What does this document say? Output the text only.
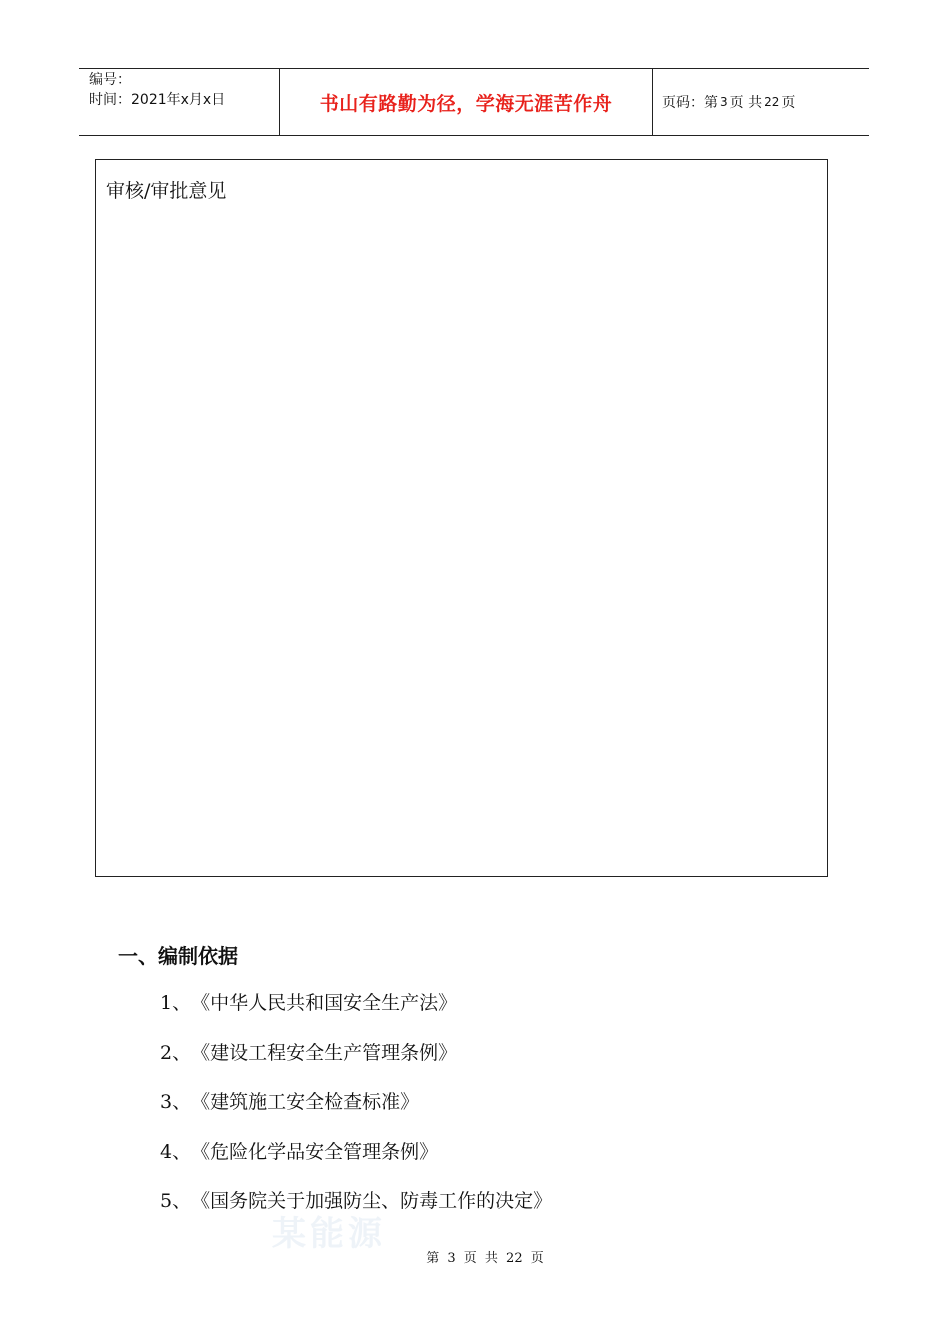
编号：
时间：2021年x月x日	书山有路勤为径，学海无涯苦作舟	页码：第 3 页 共 22 页
审核/审批意见
一、编制依据
1、《中华人民共和国安全生产法》
2、《建设工程安全生产管理条例》
3、《建筑施工安全检查标准》
4、《危险化学品安全管理条例》
5、《国务院关于加强防尘、防毒工作的决定》
某能源
第 3 页 共 22 页
